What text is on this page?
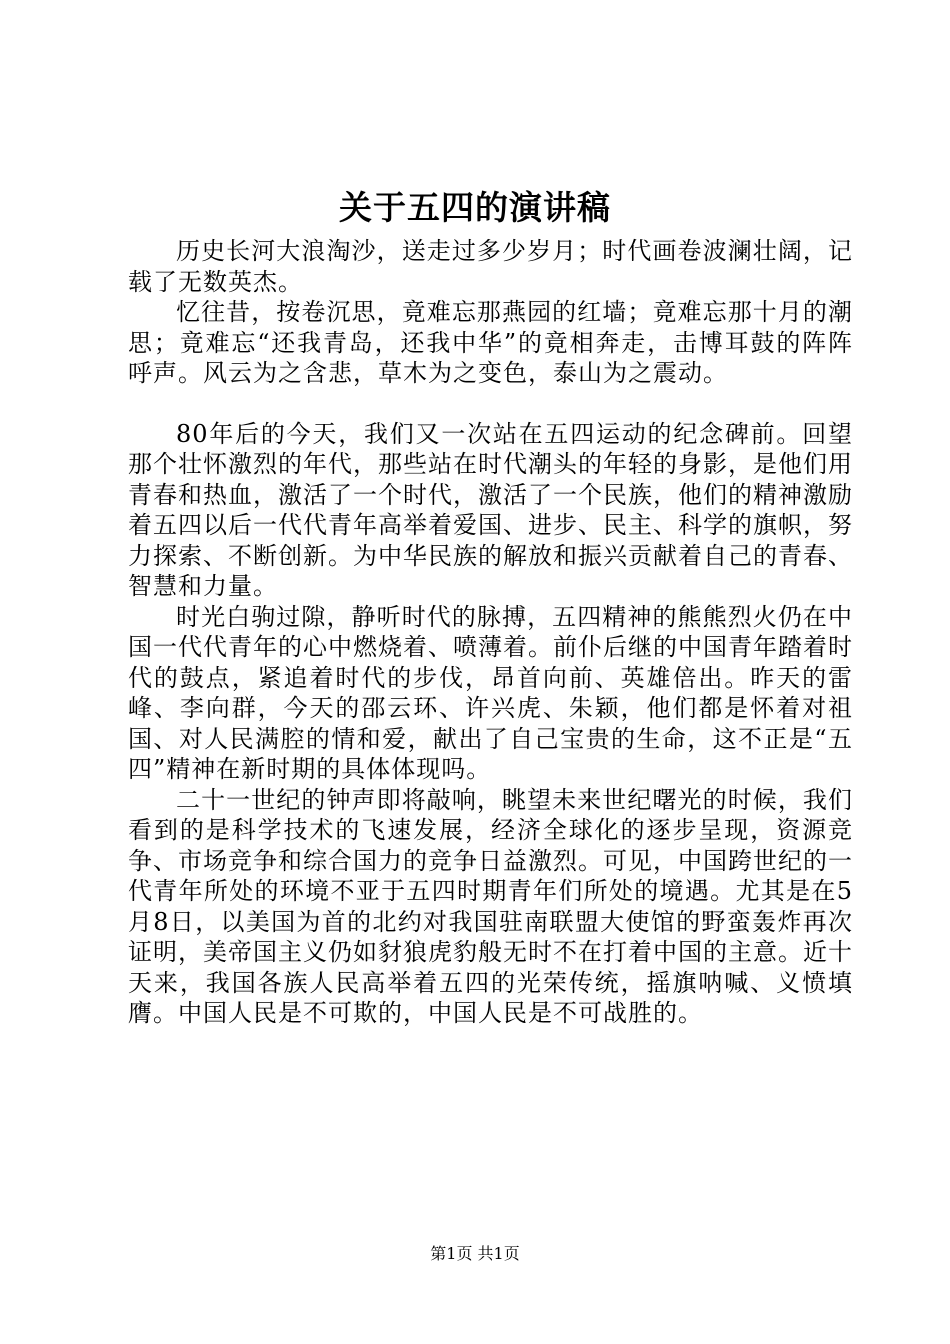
关于五四的演讲稿

历史长河大浪淘沙，送走过多少岁月；时代画卷波澜壮阔，记载了无数英杰。

忆往昔，按卷沉思，竟难忘那燕园的红墙；竟难忘那十月的潮思；竟难忘“还我青岛，还我中华”的竟相奔走，击博耳鼓的阵阵呼声。风云为之含悲，草木为之变色，泰山为之震动。

80年后的今天，我们又一次站在五四运动的纪念碑前。回望那个壮怀激烈的年代，那些站在时代潮头的年轻的身影，是他们用青春和热血，激活了一个时代，激活了一个民族，他们的精神激励着五四以后一代代青年高举着爱国、进步、民主、科学的旗帜，努力探索、不断创新。为中华民族的解放和振兴贡献着自己的青春、智慧和力量。

时光白驹过隙，静听时代的脉搏，五四精神的熊熊烈火仍在中国一代代青年的心中燃烧着、喷薄着。前仆后继的中国青年踏着时代的鼓点，紧追着时代的步伐，昂首向前、英雄倍出。昨天的雷峰、李向群，今天的邵云环、许兴虎、朱颖，他们都是怀着对祖国、对人民满腔的情和爱，献出了自己宝贵的生命，这不正是“五四”精神在新时期的具体体现吗。

二十一世纪的钟声即将敲响，眺望未来世纪曙光的时候，我们看到的是科学技术的飞速发展，经济全球化的逐步呈现，资源竞争、市场竞争和综合国力的竞争日益激烈。可见，中国跨世纪的一代青年所处的环境不亚于五四时期青年们所处的境遇。尤其是在5月8日，以美国为首的北约对我国驻南联盟大使馆的野蛮轰炸再次证明，美帝国主义仍如豺狼虎豹般无时不在打着中国的主意。近十天来，我国各族人民高举着五四的光荣传统，摇旗呐喊、义愤填膺。中国人民是不可欺的，中国人民是不可战胜的。

第1页 共1页
